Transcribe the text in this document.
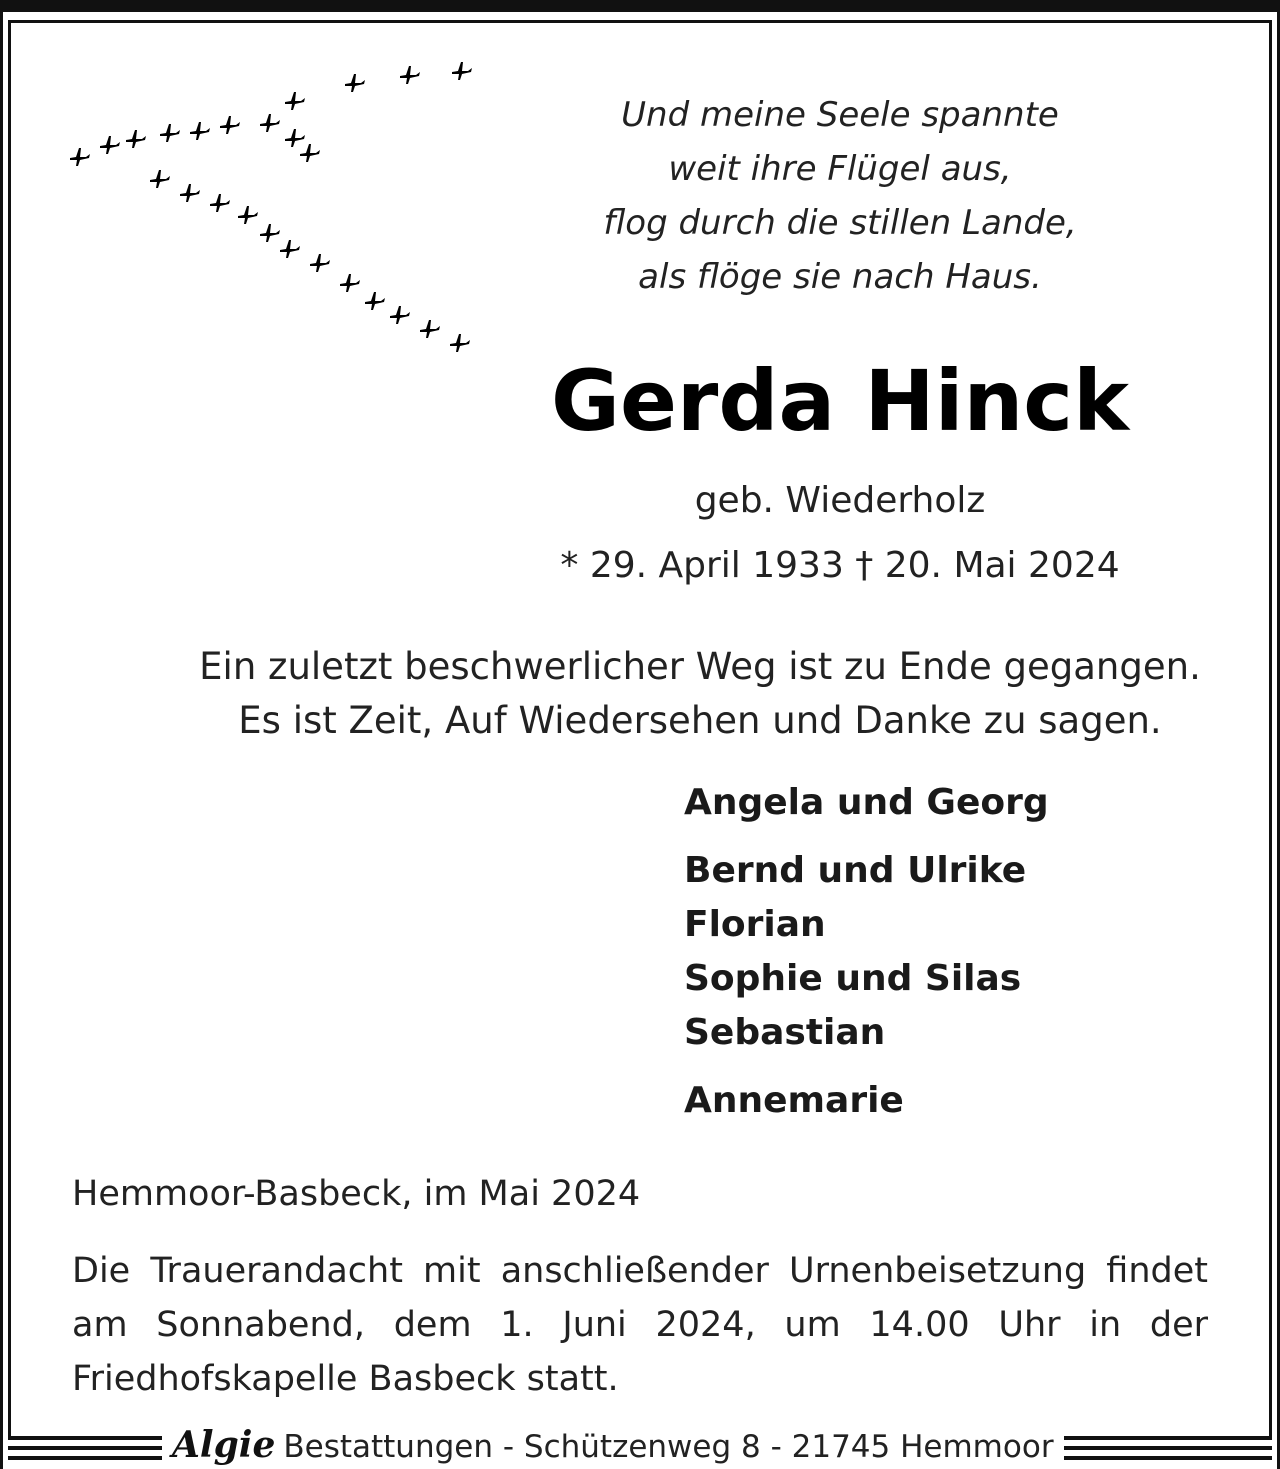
Und meine Seele spannte
weit ihre Flügel aus,
flog durch die stillen Lande,
als flöge sie nach Haus.
Gerda Hinck
geb. Wiederholz
* 29. April 1933 † 20. Mai 2024
Ein zuletzt beschwerlicher Weg ist zu Ende gegangen.
Es ist Zeit, Auf Wiedersehen und Danke zu sagen.
Angela und Georg
Bernd und Ulrike
Florian
Sophie und Silas
Sebastian
Annemarie
Hemmoor-Basbeck, im Mai 2024
Die Trauerandacht mit anschließender Urnenbeisetzung findet am Sonnabend, dem 1. Juni 2024, um 14.00 Uhr in der Friedhofskapelle Basbeck statt.
Algie Bestattungen - Schützenweg 8 - 21745 Hemmoor
